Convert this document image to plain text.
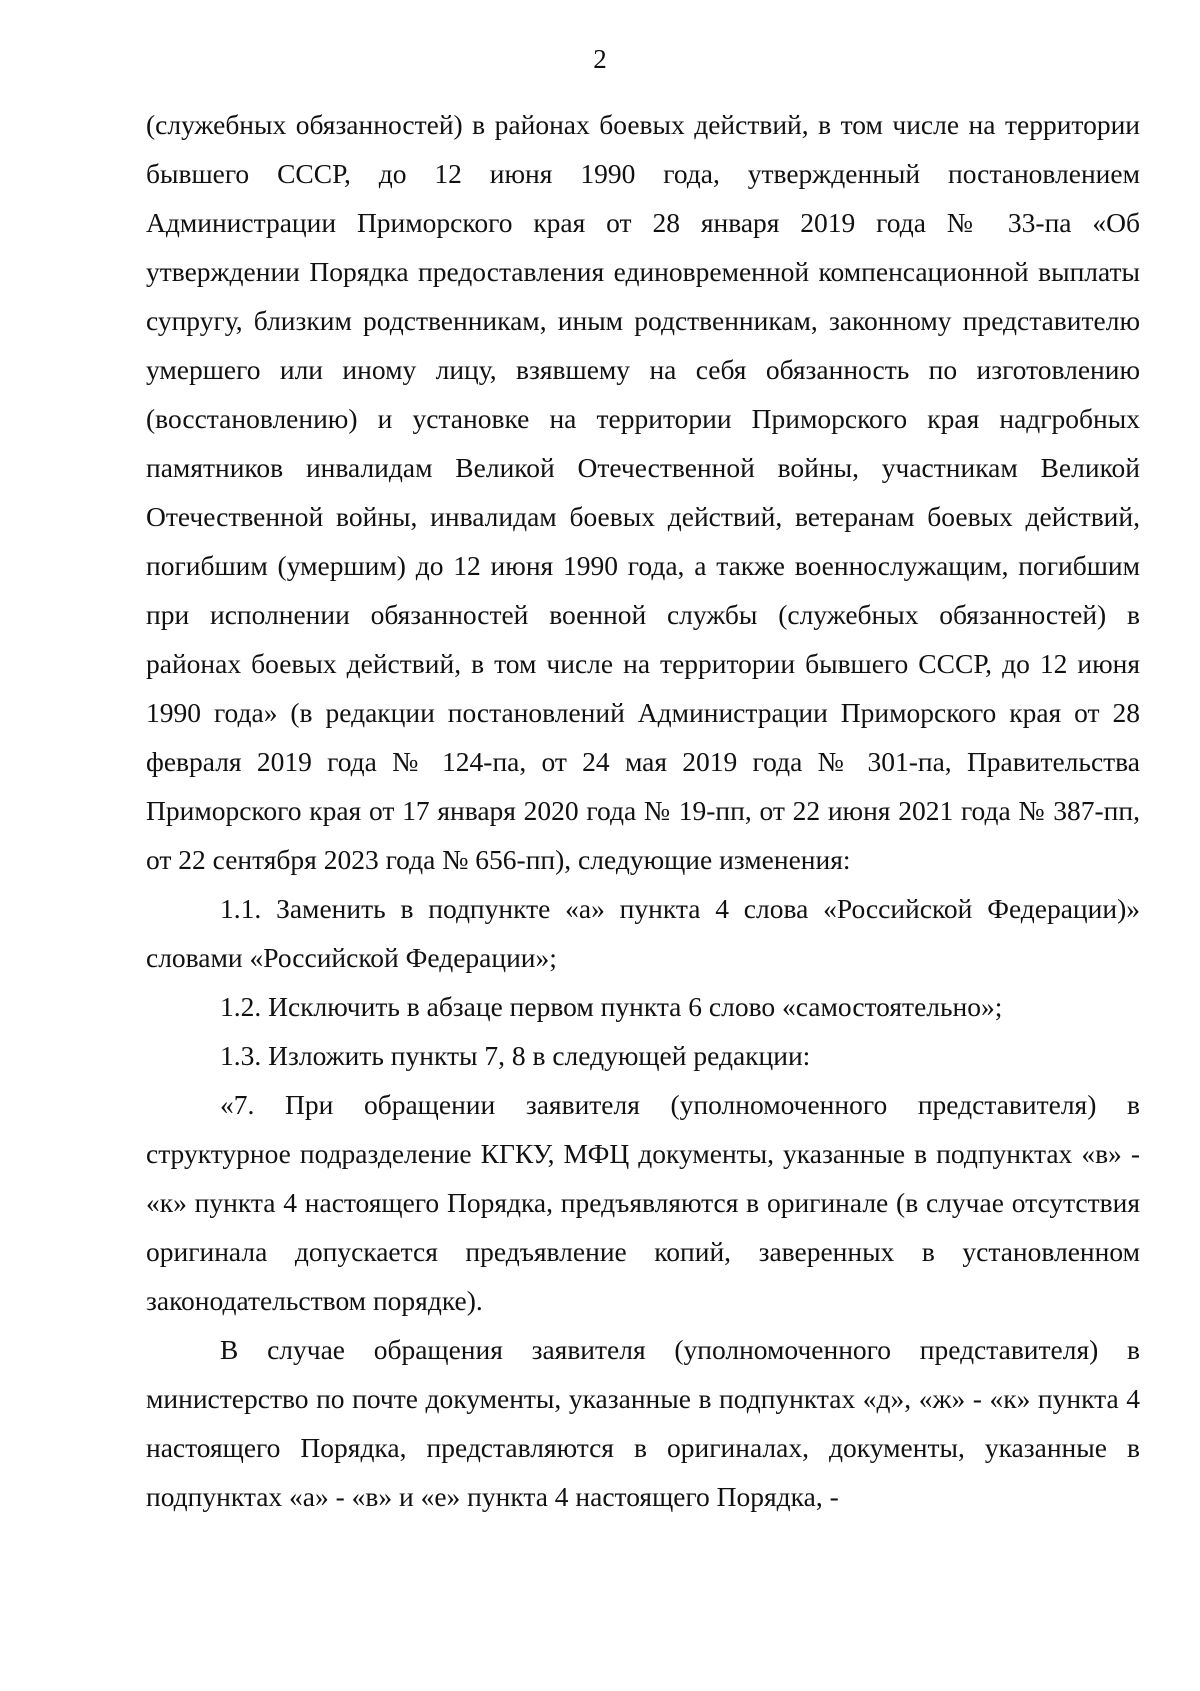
2

(служебных обязанностей) в районах боевых действий, в том числе на территории бывшего СССР, до 12 июня 1990 года, утвержденный постановлением Администрации Приморского края от 28 января 2019 года № 33-па «Об утверждении Порядка предоставления единовременной компенсационной выплаты супругу, близким родственникам, иным родственникам, законному представителю умершего или иному лицу, взявшему на себя обязанность по изготовлению (восстановлению) и установке на территории Приморского края надгробных памятников инвалидам Великой Отечественной войны, участникам Великой Отечественной войны, инвалидам боевых действий, ветеранам боевых действий, погибшим (умершим) до 12 июня 1990 года, а также военнослужащим, погибшим при исполнении обязанностей военной службы (служебных обязанностей) в районах боевых действий, в том числе на территории бывшего СССР, до 12 июня 1990 года» (в редакции постановлений Администрации Приморского края от 28 февраля 2019 года № 124-па, от 24 мая 2019 года № 301-па, Правительства Приморского края от 17 января 2020 года № 19-пп, от 22 июня 2021 года № 387-пп, от 22 сентября 2023 года № 656-пп), следующие изменения:

1.1. Заменить в подпункте «а» пункта 4 слова «Российской Федерации)» словами «Российской Федерации»;

1.2. Исключить в абзаце первом пункта 6 слово «самостоятельно»;

1.3. Изложить пункты 7, 8 в следующей редакции:

«7. При обращении заявителя (уполномоченного представителя) в структурное подразделение КГКУ, МФЦ документы, указанные в подпунктах «в» - «к» пункта 4 настоящего Порядка, предъявляются в оригинале (в случае отсутствия оригинала допускается предъявление копий, заверенных в установленном законодательством порядке).

В случае обращения заявителя (уполномоченного представителя) в министерство по почте документы, указанные в подпунктах «д», «ж» - «к» пункта 4 настоящего Порядка, представляются в оригиналах, документы, указанные в подпунктах «а» - «в» и «е» пункта 4 настоящего Порядка, -
